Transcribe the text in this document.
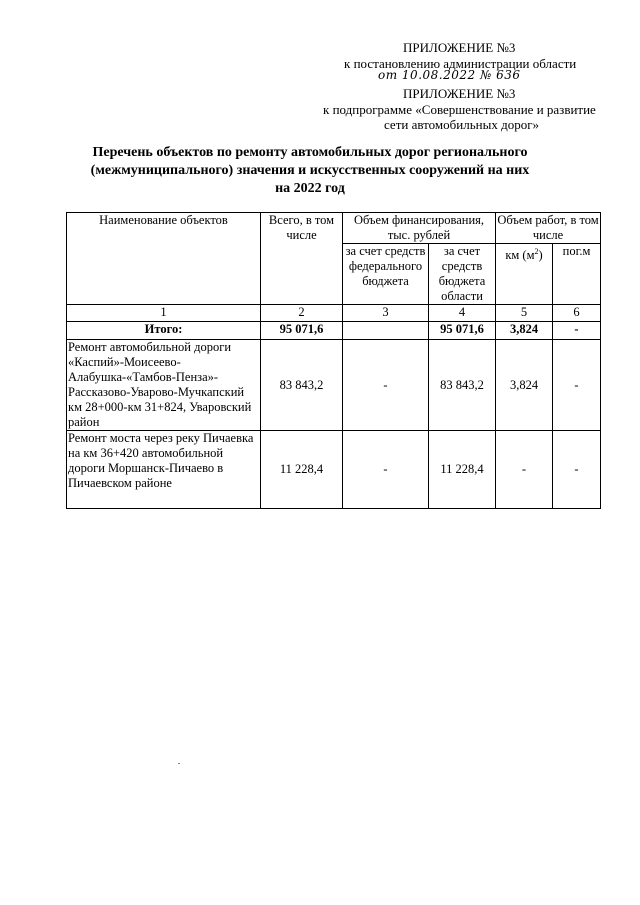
ПРИЛОЖЕНИЕ №3
к постановлению администрации области
от 10.08.2022 № 636
ПРИЛОЖЕНИЕ №3
к подпрограмме «Совершенствование и развитие
сети автомобильных дорог»
Перечень объектов по ремонту автомобильных дорог регионального
(межмуниципального) значения и искусственных сооружений на них
на 2022 год
Наименование объектов	Всего, в том числе	Объем финансирования, тыс. рублей		Объем работ, в том числе	
		за счет средств федерального бюджета	за счет средств бюджета области	км $(м^2)$	пог.м
1	2	3	4	5	6
Итого:	95 071,6		95 071,6	3,824	-
Ремонт автомобильной дороги «Каспий»-Моисеево-Алабушка-«Тамбов-Пенза»-Рассказово-Уварово-Мучкапский км 28+000-км 31+824, Уваровский район	83 843,2	-	83 843,2	3,824	-
Ремонт моста через реку Пичаевка на км 36+420 автомобильной дороги Моршанск-Пичаево в Пичаевском районе	11 228,4	-	11 228,4	-	-
